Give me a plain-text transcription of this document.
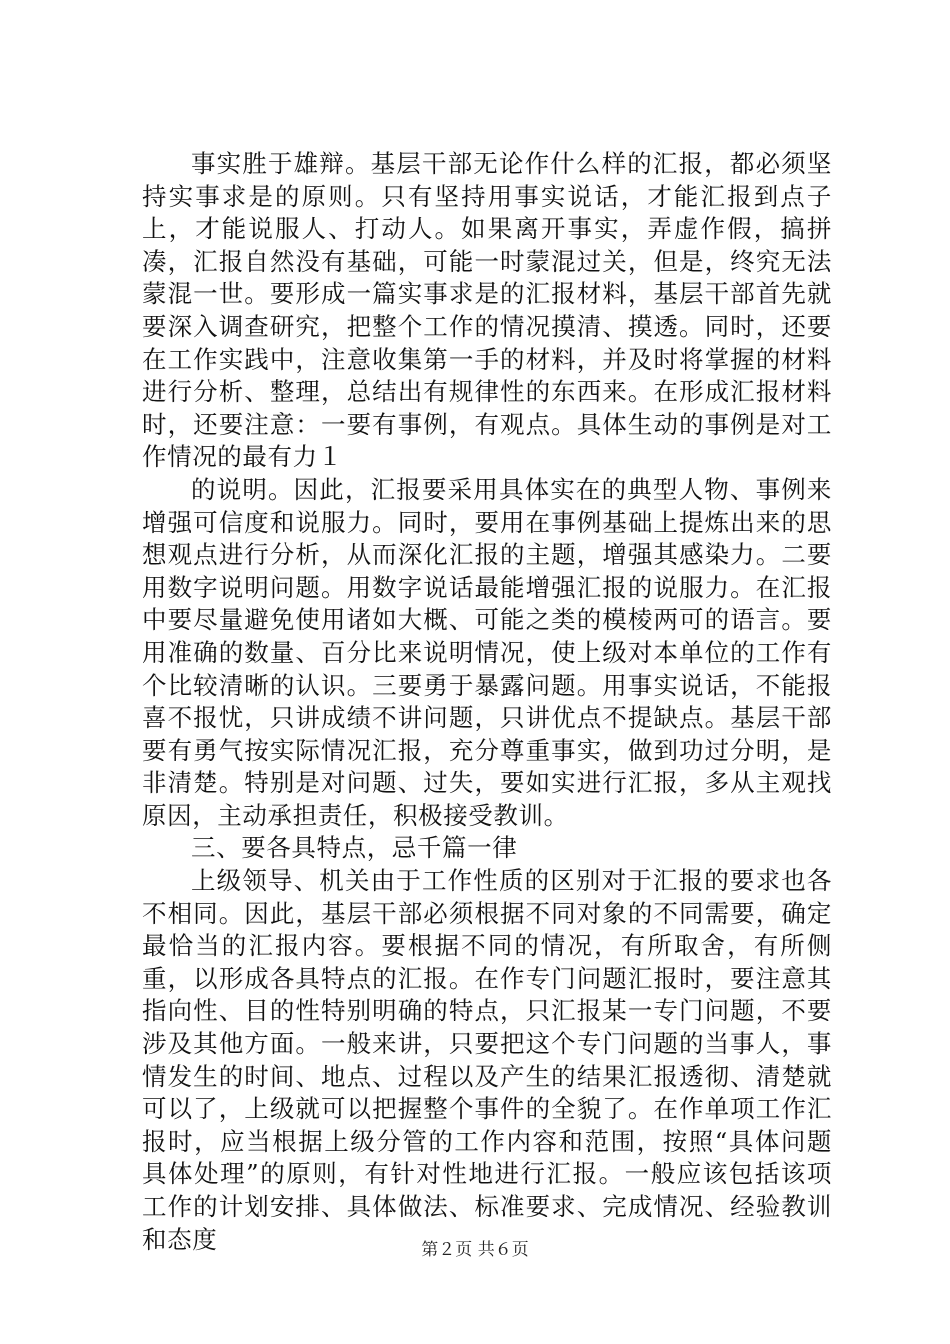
事实胜于雄辩。基层干部无论作什么样的汇报，都必须坚持实事求是的原则。只有坚持用事实说话，才能汇报到点子上，才能说服人、打动人。如果离开事实，弄虚作假，搞拼凑，汇报自然没有基础，可能一时蒙混过关，但是，终究无法蒙混一世。要形成一篇实事求是的汇报材料，基层干部首先就要深入调查研究，把整个工作的情况摸清、摸透。同时，还要在工作实践中，注意收集第一手的材料，并及时将掌握的材料进行分析、整理，总结出有规律性的东西来。在形成汇报材料时，还要注意：一要有事例，有观点。具体生动的事例是对工作情况的最有力１

的说明。因此，汇报要采用具体实在的典型人物、事例来增强可信度和说服力。同时，要用在事例基础上提炼出来的思想观点进行分析，从而深化汇报的主题，增强其感染力。二要用数字说明问题。用数字说话最能增强汇报的说服力。在汇报中要尽量避免使用诸如大概、可能之类的模棱两可的语言。要用准确的数量、百分比来说明情况，使上级对本单位的工作有个比较清晰的认识。三要勇于暴露问题。用事实说话，不能报喜不报忧，只讲成绩不讲问题，只讲优点不提缺点。基层干部要有勇气按实际情况汇报，充分尊重事实，做到功过分明，是非清楚。特别是对问题、过失，要如实进行汇报，多从主观找原因，主动承担责任，积极接受教训。

三、要各具特点，忌千篇一律

上级领导、机关由于工作性质的区别对于汇报的要求也各不相同。因此，基层干部必须根据不同对象的不同需要，确定最恰当的汇报内容。要根据不同的情况，有所取舍，有所侧重，以形成各具特点的汇报。在作专门问题汇报时，要注意其指向性、目的性特别明确的特点，只汇报某一专门问题，不要涉及其他方面。一般来讲，只要把这个专门问题的当事人，事情发生的时间、地点、过程以及产生的结果汇报透彻、清楚就可以了，上级就可以把握整个事件的全貌了。在作单项工作汇报时，应当根据上级分管的工作内容和范围，按照“具体问题具体处理”的原则，有针对性地进行汇报。一般应该包括该项工作的计划安排、具体做法、标准要求、完成情况、经验教训和态度	第２页 共６页
